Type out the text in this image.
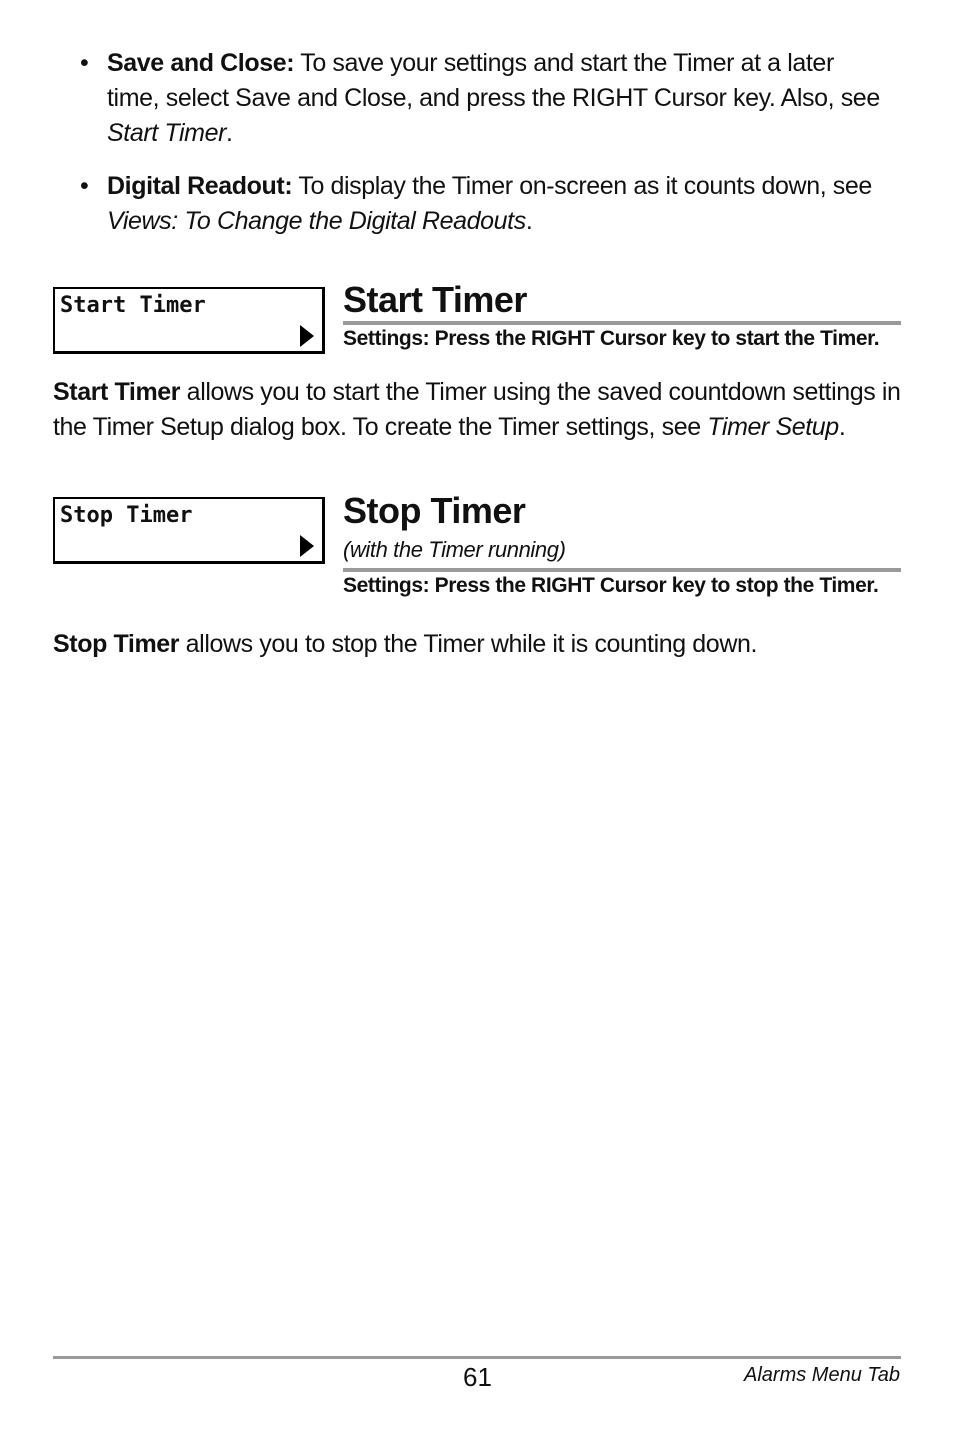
• Save and Close: To save your settings and start the Timer at a later time, select Save and Close, and press the RIGHT Cursor key. Also, see Start Timer.
• Digital Readout: To display the Timer on-screen as it counts down, see Views: To Change the Digital Readouts.
Start Timer	Start Timer
Settings: Press the RIGHT Cursor key to start the Timer.
Start Timer allows you to start the Timer using the saved countdown settings in the Timer Setup dialog box. To create the Timer settings, see Timer Setup.
Stop Timer	Stop Timer
(with the Timer running)
Settings: Press the RIGHT Cursor key to stop the Timer.
Stop Timer allows you to stop the Timer while it is counting down.
61	Alarms Menu Tab
